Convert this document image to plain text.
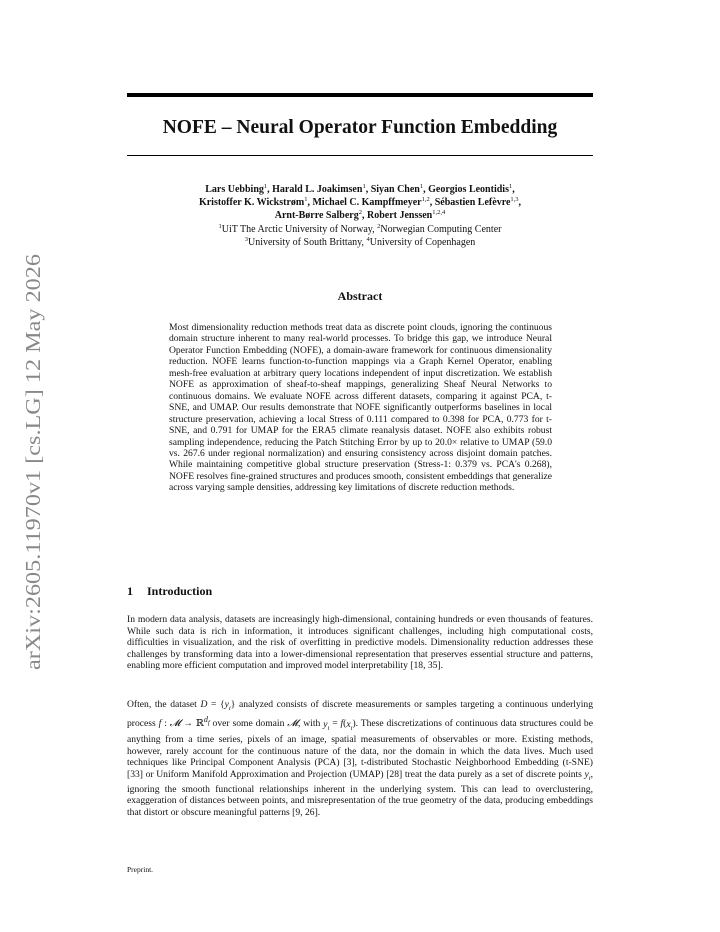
arXiv:2605.11970v1 [cs.LG] 12 May 2026
NOFE – Neural Operator Function Embedding
Lars Uebbing$^1$, Harald L. Joakimsen$^1$, Siyan Chen$^1$, Georgios Leontidis$^1$,
Kristoffer K. Wickstrøm$^1$, Michael C. Kampffmeyer$^{1,2}$, Sébastien Lefèvre$^{1,3}$,
Arnt-Børre Salberg$^2$, Robert Jenssen$^{1,2,4}$
$^1$UiT The Arctic University of Norway, $^2$Norwegian Computing Center
$^3$University of South Brittany, $^4$University of Copenhagen
Abstract

Most dimensionality reduction methods treat data as discrete point clouds, ignoring the continuous domain structure inherent to many real-world processes. To bridge this gap, we introduce Neural Operator Function Embedding (NOFE), a domain-aware framework for continuous dimensionality reduction. NOFE learns function-to-function mappings via a Graph Kernel Operator, enabling mesh-free evaluation at arbitrary query locations independent of input discretization. We establish NOFE as approximation of sheaf-to-sheaf mappings, generalizing Sheaf Neural Networks to continuous domains. We evaluate NOFE across different datasets, comparing it against PCA, t-SNE, and UMAP. Our results demonstrate that NOFE significantly outperforms baselines in local structure preservation, achieving a local Stress of 0.111 compared to 0.398 for PCA, 0.773 for t-SNE, and 0.791 for UMAP for the ERA5 climate reanalysis dataset. NOFE also exhibits robust sampling independence, reducing the Patch Stitching Error by up to 20.0× relative to UMAP (59.0 vs. 267.6 under regional normalization) and ensuring consistency across disjoint domain patches. While maintaining competitive global structure preservation (Stress-1: 0.379 vs. PCA's 0.268), NOFE resolves fine-grained structures and produces smooth, consistent embeddings that generalize across varying sample densities, addressing key limitations of discrete reduction methods.

1 Introduction

In modern data analysis, datasets are increasingly high-dimensional, containing hundreds or even thousands of features. While such data is rich in information, it introduces significant challenges, including high computational costs, difficulties in visualization, and the risk of overfitting in predictive models. Dimensionality reduction addresses these challenges by transforming data into a lower-dimensional representation that preserves essential structure and patterns, enabling more efficient computation and improved model interpretability [18, 35].

Often, the dataset $D = \{y_i\}$ analyzed consists of discrete measurements or samples targeting a continuous underlying process f : 𝓜 → ℝ$^{d_f}$ over some domain 𝓜, with $y_i = f(x_i)$. These discretizations of continuous data structures could be anything from a time series, pixels of an image, spatial measurements of observables or more. Existing methods, however, rarely account for the continuous nature of the data, nor the domain in which the data lives. Much used techniques like Principal Component Analysis (PCA) [3], t-distributed Stochastic Neighborhood Embedding (t-SNE) [33] or Uniform Manifold Approximation and Projection (UMAP) [28] treat the data purely as a set of discrete points $y_i$, ignoring the smooth functional relationships inherent in the underlying system. This can lead to overclustering, exaggeration of distances between points, and misrepresentation of the true geometry of the data, producing embeddings that distort or obscure meaningful patterns [9, 26].

Preprint.
